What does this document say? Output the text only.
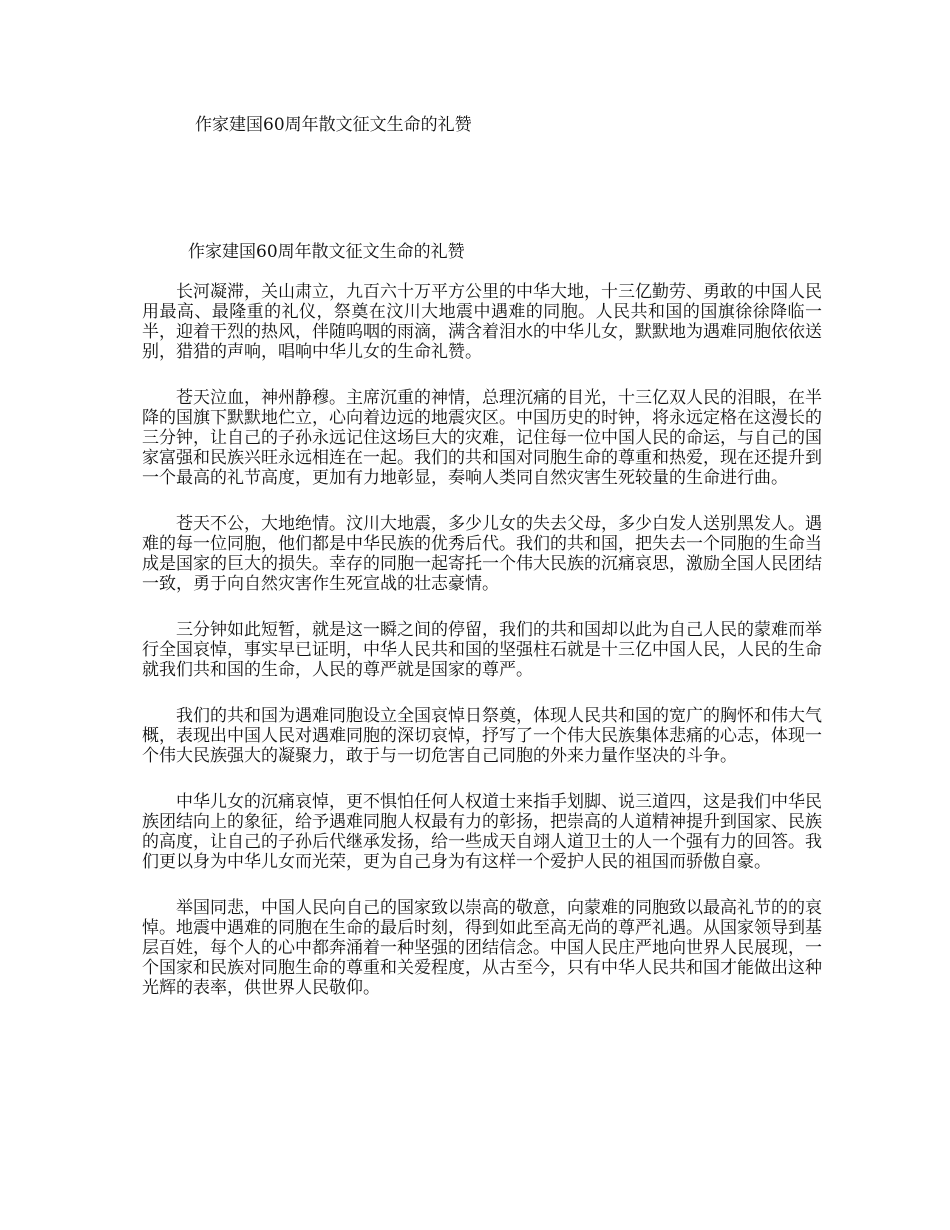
作家建国60周年散文征文生命的礼赞
作家建国60周年散文征文生命的礼赞

长河凝滞，关山肃立，九百六十万平方公里的中华大地，十三亿勤劳、勇敢的中国人民用最高、最隆重的礼仪，祭奠在汶川大地震中遇难的同胞。人民共和国的国旗徐徐降临一半，迎着干烈的热风，伴随呜咽的雨滴，满含着泪水的中华儿女，默默地为遇难同胞依依送别，猎猎的声响，唱响中华儿女的生命礼赞。

苍天泣血，神州静穆。主席沉重的神情，总理沉痛的目光，十三亿双人民的泪眼，在半降的国旗下默默地伫立，心向着边远的地震灾区。中国历史的时钟，将永远定格在这漫长的三分钟，让自己的子孙永远记住这场巨大的灾难，记住每一位中国人民的命运，与自己的国家富强和民族兴旺永远相连在一起。我们的共和国对同胞生命的尊重和热爱，现在还提升到一个最高的礼节高度，更加有力地彰显，奏响人类同自然灾害生死较量的生命进行曲。

苍天不公，大地绝情。汶川大地震，多少儿女的失去父母，多少白发人送别黑发人。遇难的每一位同胞，他们都是中华民族的优秀后代。我们的共和国，把失去一个同胞的生命当成是国家的巨大的损失。幸存的同胞一起寄托一个伟大民族的沉痛哀思，激励全国人民团结一致，勇于向自然灾害作生死宣战的壮志豪情。

三分钟如此短暂，就是这一瞬之间的停留，我们的共和国却以此为自己人民的蒙难而举行全国哀悼，事实早已证明，中华人民共和国的坚强柱石就是十三亿中国人民，人民的生命就我们共和国的生命，人民的尊严就是国家的尊严。

我们的共和国为遇难同胞设立全国哀悼日祭奠，体现人民共和国的宽广的胸怀和伟大气概，表现出中国人民对遇难同胞的深切哀悼，抒写了一个伟大民族集体悲痛的心志，体现一个伟大民族强大的凝聚力，敢于与一切危害自己同胞的外来力量作坚决的斗争。

中华儿女的沉痛哀悼，更不惧怕任何人权道士来指手划脚、说三道四，这是我们中华民族团结向上的象征，给予遇难同胞人权最有力的彰扬，把崇高的人道精神提升到国家、民族的高度，让自己的子孙后代继承发扬，给一些成天自翊人道卫士的人一个强有力的回答。我们更以身为中华儿女而光荣，更为自己身为有这样一个爱护人民的祖国而骄傲自豪。

举国同悲，中国人民向自己的国家致以崇高的敬意，向蒙难的同胞致以最高礼节的的哀悼。地震中遇难的同胞在生命的最后时刻，得到如此至高无尚的尊严礼遇。从国家领导到基层百姓，每个人的心中都奔涌着一种坚强的团结信念。中国人民庄严地向世界人民展现，一个国家和民族对同胞生命的尊重和关爱程度，从古至今，只有中华人民共和国才能做出这种光辉的表率，供世界人民敬仰。
